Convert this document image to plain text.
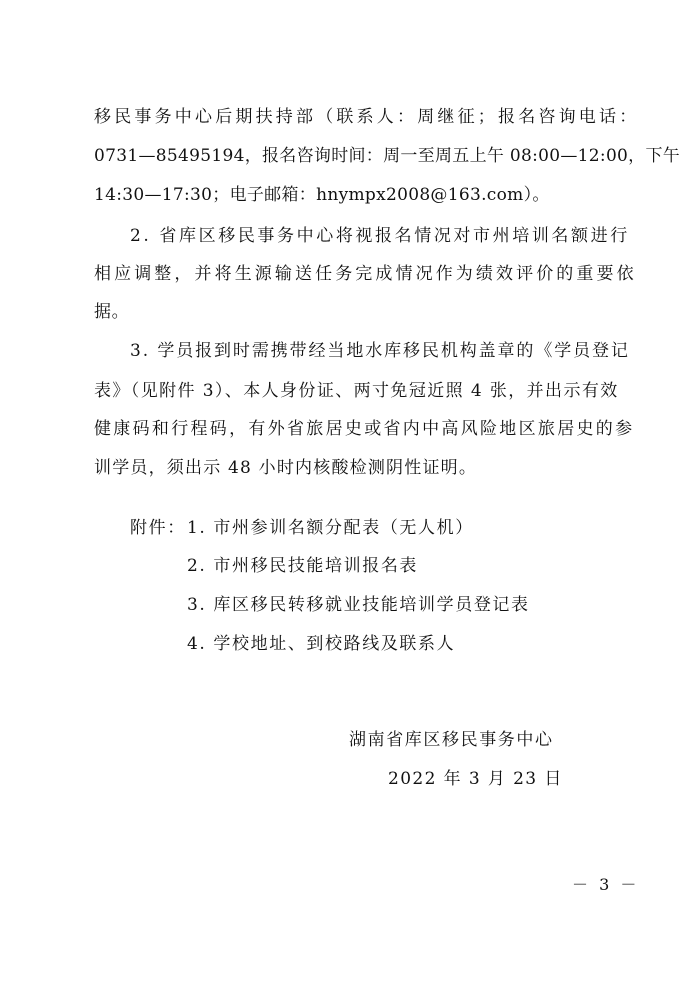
移民事务中心后期扶持部（联系人：周继征；报名咨询电话：
0731—85495194，报名咨询时间：周一至周五上午 08:00—12:00，下午
14:30—17:30；电子邮箱：hnympx2008@163.com）。
2. 省库区移民事务中心将视报名情况对市州培训名额进行
相应调整，并将生源输送任务完成情况作为绩效评价的重要依
据。
3. 学员报到时需携带经当地水库移民机构盖章的《学员登记
表》（见附件 3）、本人身份证、两寸免冠近照 4 张，并出示有效
健康码和行程码，有外省旅居史或省内中高风险地区旅居史的参
训学员，须出示 48 小时内核酸检测阴性证明。
附件： 1. 市州参训名额分配表（无人机）
2. 市州移民技能培训报名表
3. 库区移民转移就业技能培训学员登记表
4. 学校地址、到校路线及联系人
湖南省库区移民事务中心
2022 年 3 月 23 日
－ 3 －
